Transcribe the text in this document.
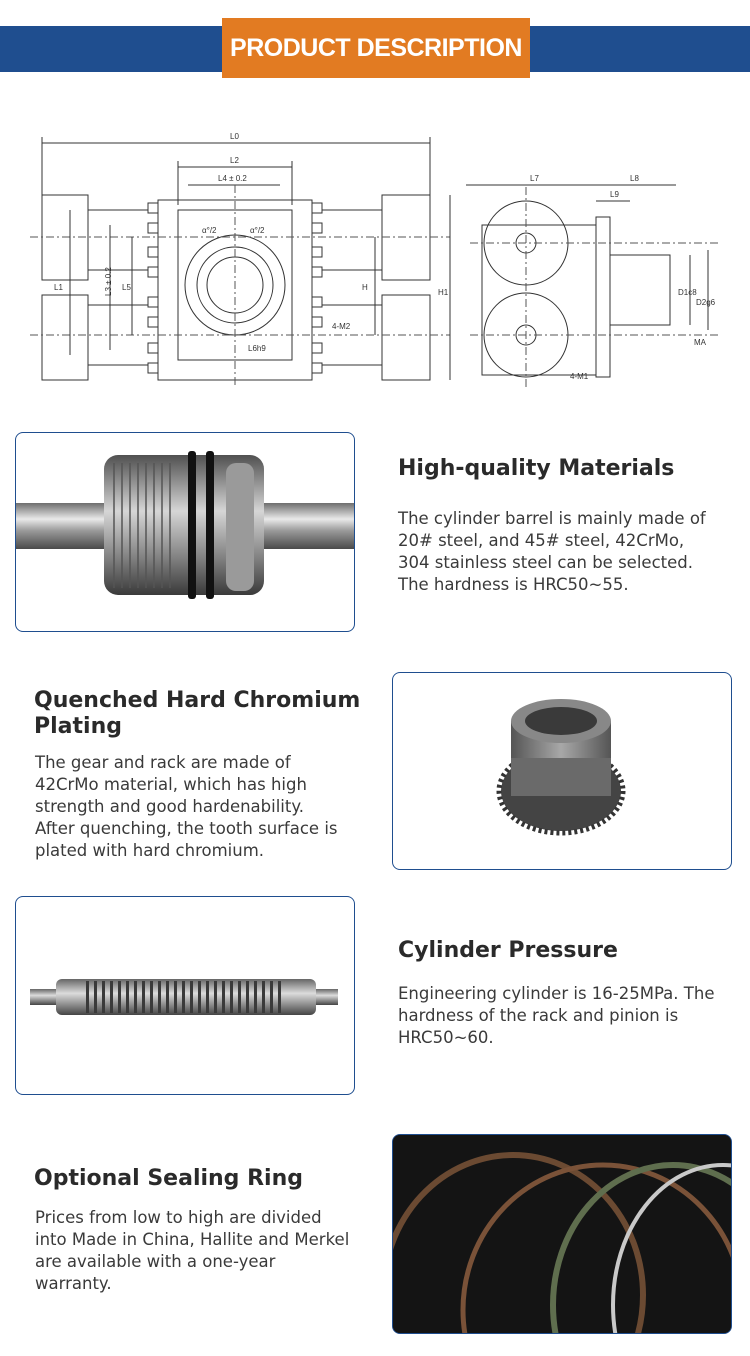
PRODUCT DESCRIPTION
L0
L2
L4 ± 0.2
L1	L3 ± 0.2 L5	H
α°/2	α°/2
L6h9
4-M2
L7	L8
L9
H1	D1c8
D2g6
MA
4-M1
High-quality Materials
The cylinder barrel is mainly made of 20# steel, and 45# steel, 42CrMo, 304 stainless steel can be selected. The hardness is HRC50~55.
Quenched Hard Chromium Plating
The gear and rack are made of 42CrMo material, which has high strength and good hardenability. After quenching, the tooth surface is plated with hard chromium.
Cylinder Pressure
Engineering cylinder is 16-25MPa. The hardness of the rack and pinion is HRC50~60.
Optional Sealing Ring
Prices from low to high are divided into Made in China, Hallite and Merkel are available with a one-year warranty.
